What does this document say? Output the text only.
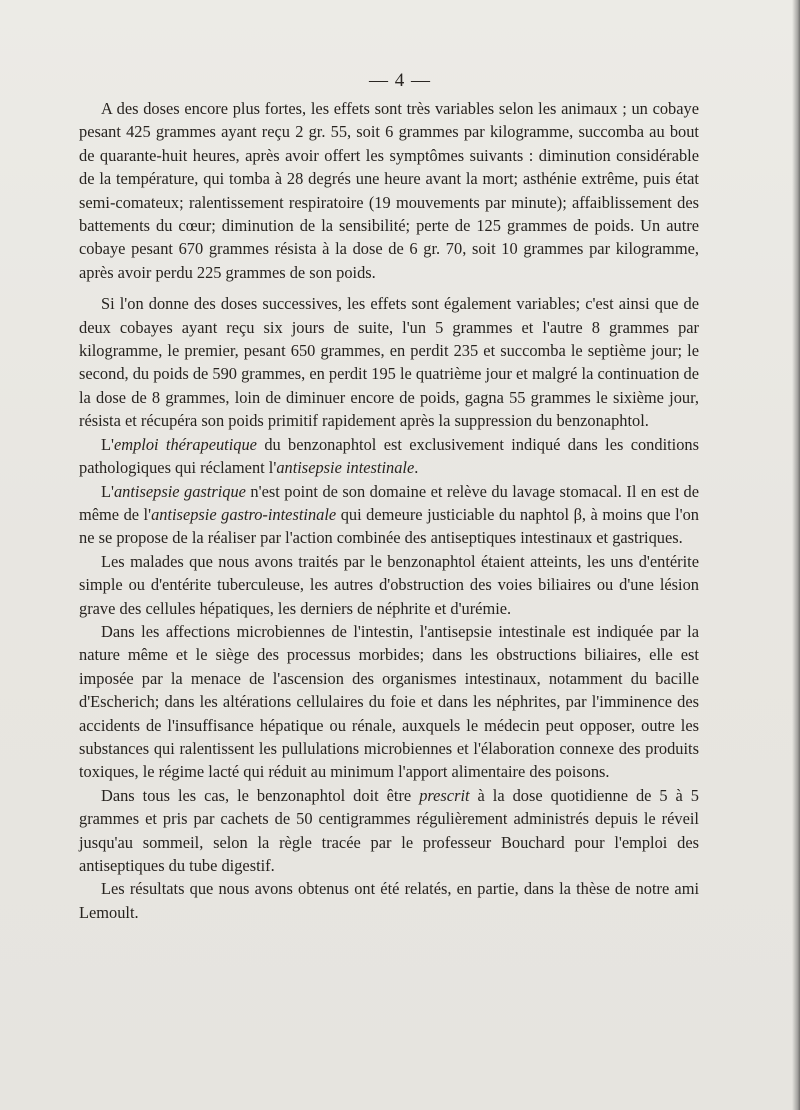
— 4 —

A des doses encore plus fortes, les effets sont très variables selon les animaux ; un cobaye pesant 425 grammes ayant reçu 2 gr. 55, soit 6 grammes par kilogramme, succomba au bout de quarante-huit heures, après avoir offert les symptômes suivants : diminution considérable de la température, qui tomba à 28 degrés une heure avant la mort; asthénie extrême, puis état semi-comateux; ralentissement respiratoire (19 mouvements par minute); affaiblissement des battements du cœur; diminution de la sensibilité; perte de 125 grammes de poids. Un autre cobaye pesant 670 grammes résista à la dose de 6 gr. 70, soit 10 grammes par kilogramme, après avoir perdu 225 grammes de son poids.

Si l'on donne des doses successives, les effets sont également variables; c'est ainsi que de deux cobayes ayant reçu six jours de suite, l'un 5 grammes et l'autre 8 grammes par kilogramme, le premier, pesant 650 grammes, en perdit 235 et succomba le septième jour; le second, du poids de 590 grammes, en perdit 195 le quatrième jour et malgré la continuation de la dose de 8 grammes, loin de diminuer encore de poids, gagna 55 grammes le sixième jour, résista et récupéra son poids primitif rapidement après la suppression du benzonaphtol.

L'emploi thérapeutique du benzonaphtol est exclusivement indiqué dans les conditions pathologiques qui réclament l'antisepsie intestinale.

L'antisepsie gastrique n'est point de son domaine et relève du lavage stomacal. Il en est de même de l'antisepsie gastro-intestinale qui demeure justiciable du naphtol β, à moins que l'on ne se propose de la réaliser par l'action combinée des antiseptiques intestinaux et gastriques.

Les malades que nous avons traités par le benzonaphtol étaient atteints, les uns d'entérite simple ou d'entérite tuberculeuse, les autres d'obstruction des voies biliaires ou d'une lésion grave des cellules hépatiques, les derniers de néphrite et d'urémie.

Dans les affections microbiennes de l'intestin, l'antisepsie intestinale est indiquée par la nature même et le siège des processus morbides; dans les obstructions biliaires, elle est imposée par la menace de l'ascension des organismes intestinaux, notamment du bacille d'Escherich; dans les altérations cellulaires du foie et dans les néphrites, par l'imminence des accidents de l'insuffisance hépatique ou rénale, auxquels le médecin peut opposer, outre les substances qui ralentissent les pullulations microbiennes et l'élaboration connexe des produits toxiques, le régime lacté qui réduit au minimum l'apport alimentaire des poisons.

Dans tous les cas, le benzonaphtol doit être prescrit à la dose quotidienne de 5 à 5 grammes et pris par cachets de 50 centigrammes régulièrement administrés depuis le réveil jusqu'au sommeil, selon la règle tracée par le professeur Bouchard pour l'emploi des antiseptiques du tube digestif.

Les résultats que nous avons obtenus ont été relatés, en partie, dans la thèse de notre ami Lemoult.
